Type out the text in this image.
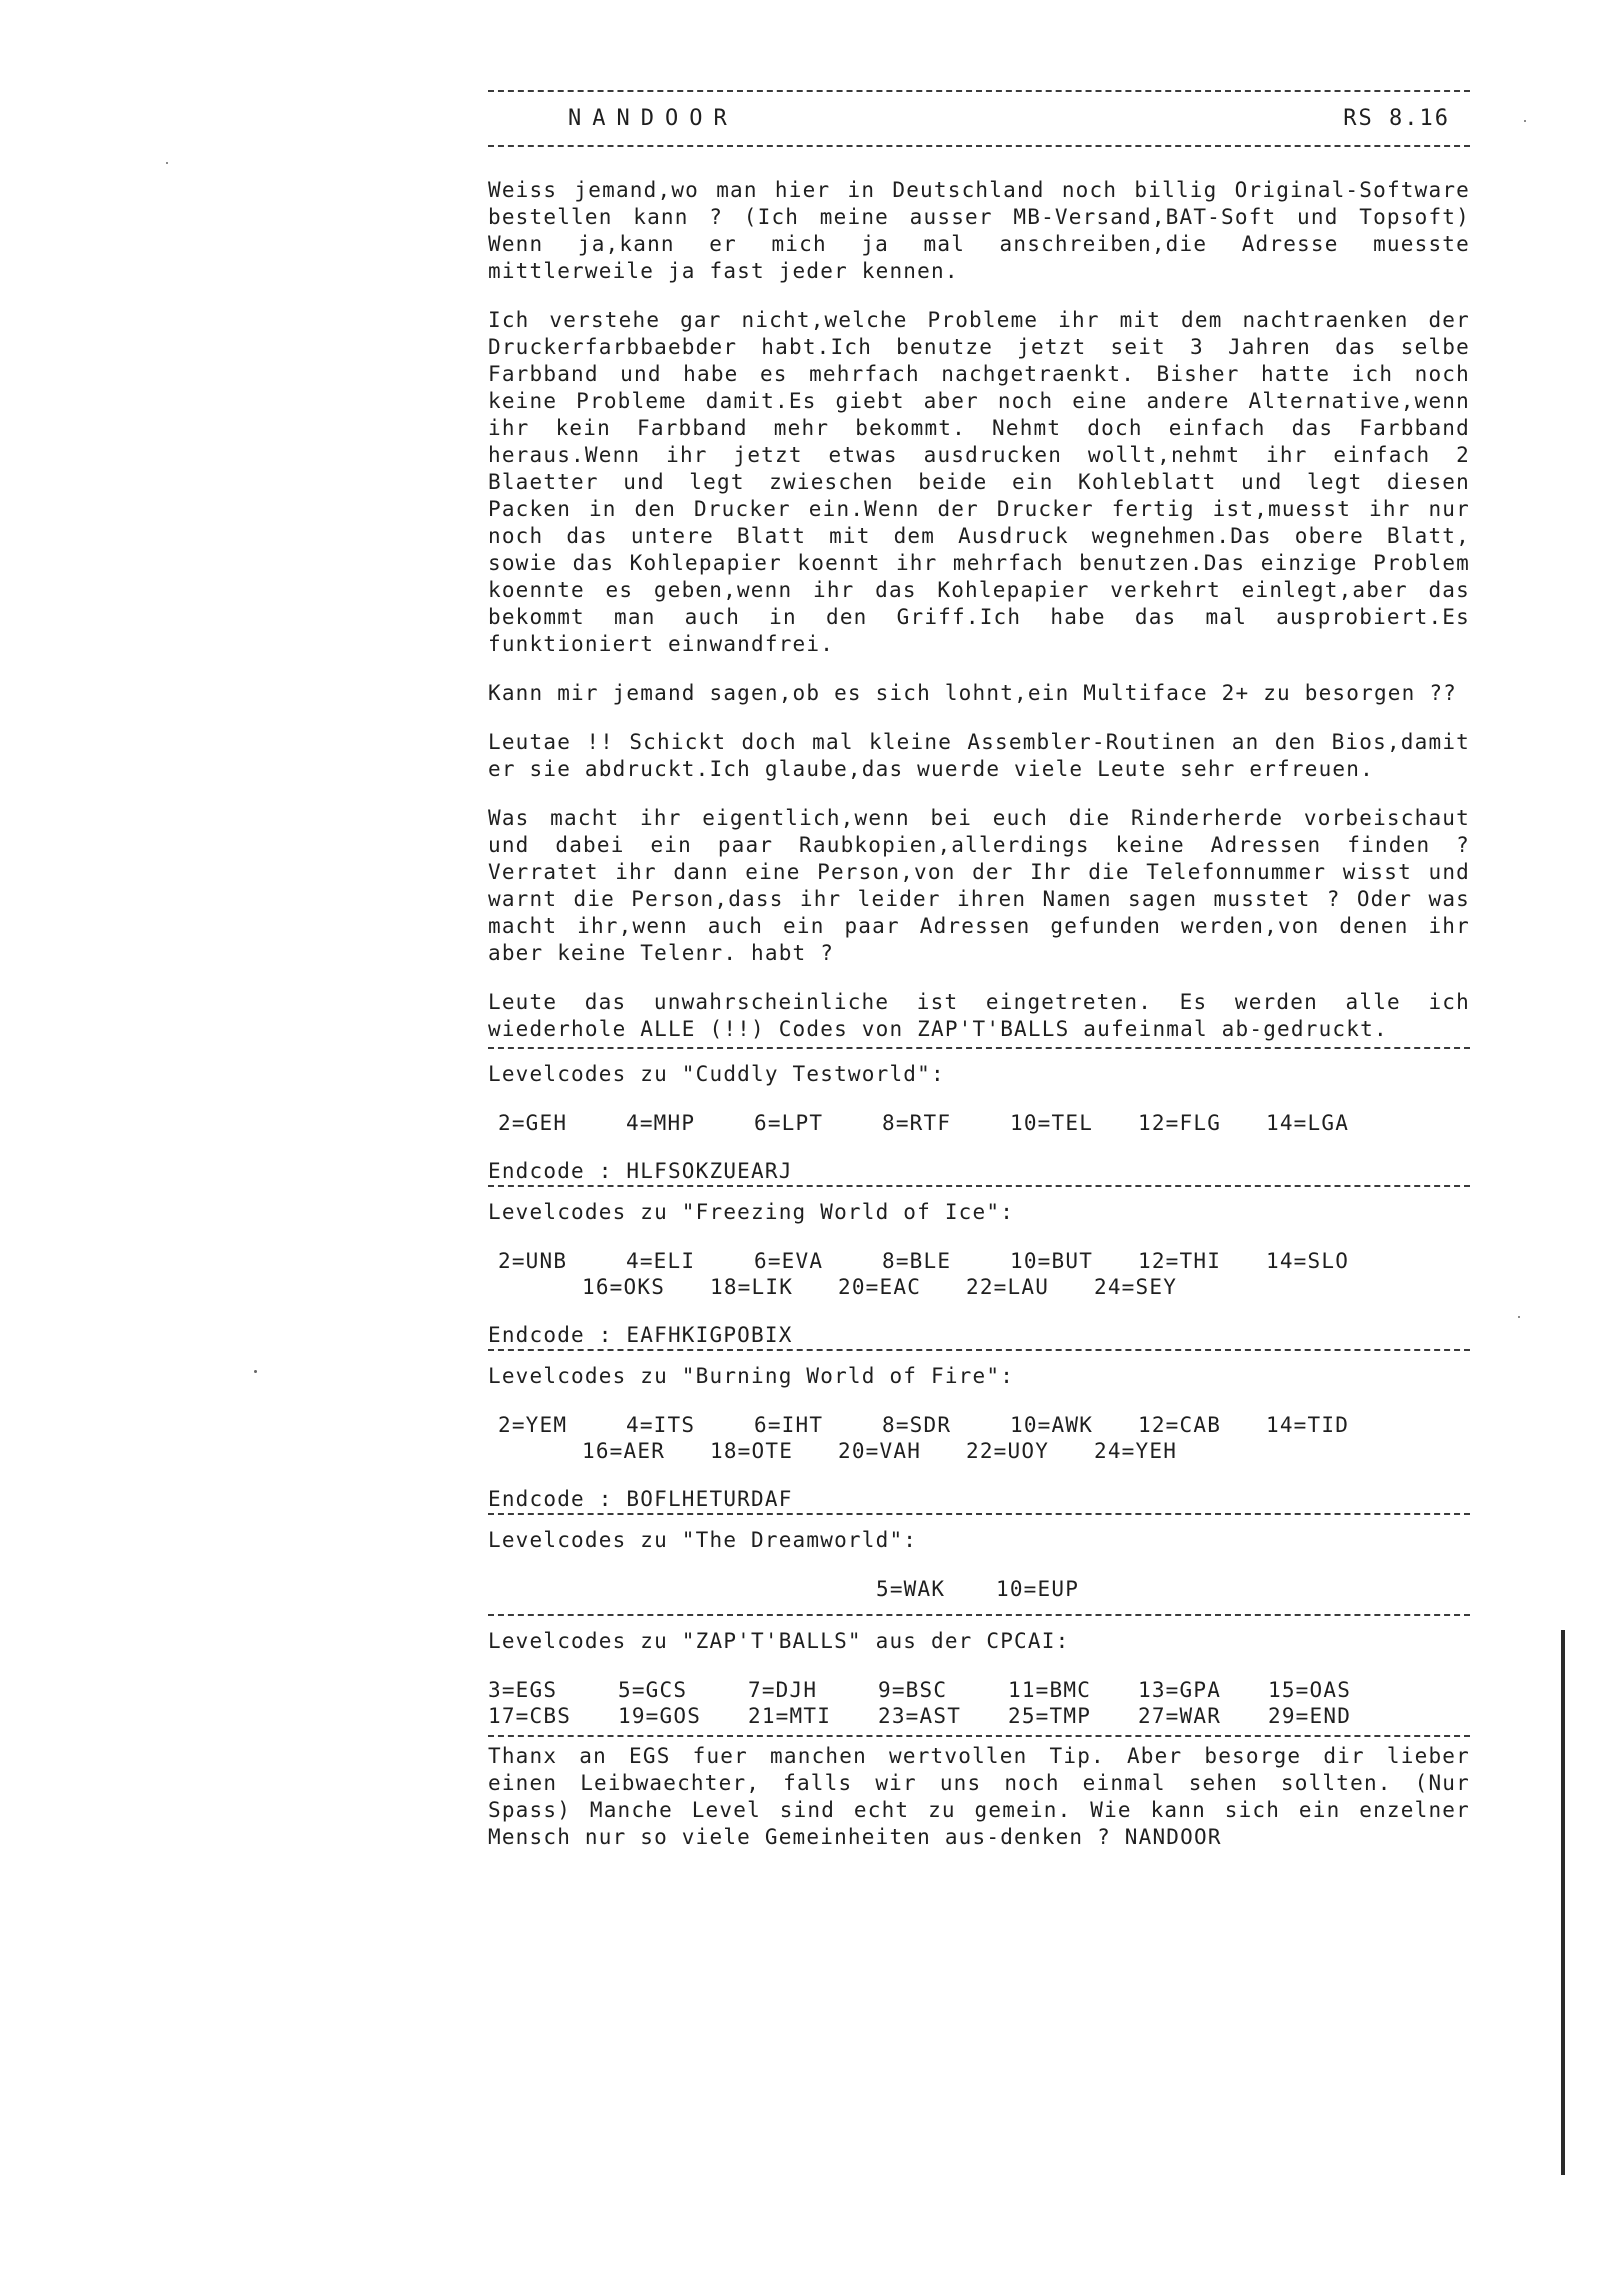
NANDOOR	RS 8.16

Weiss jemand,wo man hier in Deutschland noch billig Original-Software bestellen kann ? (Ich meine ausser MB-Versand,BAT-Soft und Topsoft) Wenn ja,kann er mich ja mal anschreiben,die Adresse muesste mittlerweile ja fast jeder kennen.

Ich verstehe gar nicht,welche Probleme ihr mit dem nachtraenken der Druckerfarbbaebder habt.Ich benutze jetzt seit 3 Jahren das selbe Farbband und habe es mehrfach nachgetraenkt. Bisher hatte ich noch keine Probleme damit.Es giebt aber noch eine andere Alternative,wenn ihr kein Farbband mehr bekommt. Nehmt doch einfach das Farbband heraus.Wenn ihr jetzt etwas ausdrucken wollt,nehmt ihr einfach 2 Blaetter und legt zwieschen beide ein Kohleblatt und legt diesen Packen in den Drucker ein.Wenn der Drucker fertig ist,muesst ihr nur noch das untere Blatt mit dem Ausdruck wegnehmen.Das obere Blatt, sowie das Kohlepapier koennt ihr mehrfach benutzen.Das einzige Problem koennte es geben,wenn ihr das Kohlepapier verkehrt einlegt,aber das bekommt man auch in den Griff.Ich habe das mal ausprobiert.Es funktioniert einwandfrei.

Kann mir jemand sagen,ob es sich lohnt,ein Multiface 2+ zu besorgen ??

Leutae !! Schickt doch mal kleine Assembler-Routinen an den Bios,damit er sie abdruckt.Ich glaube,das wuerde viele Leute sehr erfreuen.

Was macht ihr eigentlich,wenn bei euch die Rinderherde vorbeischaut und dabei ein paar Raubkopien,allerdings keine Adressen finden ? Verratet ihr dann eine Person,von der Ihr die Telefonnummer wisst und warnt die Person,dass ihr leider ihren Namen sagen musstet ? Oder was macht ihr,wenn auch ein paar Adressen gefunden werden,von denen ihr aber keine Telenr. habt ?

Leute das unwahrscheinliche ist eingetreten. Es werden alle ich wiederhole ALLE (!!) Codes von ZAP'T'BALLS aufeinmal ab-gedruckt.

Levelcodes zu "Cuddly Testworld":

2=GEH	4=MHP	6=LPT	8=RTF	10=TEL	12=FLG	14=LGA
Endcode : HLFSOKZUEARJ

Levelcodes zu "Freezing World of Ice":

2=UNB	4=ELI	6=EVA	8=BLE	10=BUT	12=THI	14=SLO
16=OKS	18=LIK	20=EAC	22=LAU	24=SEY
Endcode : EAFHKIGPOBIX

Levelcodes zu "Burning World of Fire":

2=YEM	4=ITS	6=IHT	8=SDR	10=AWK	12=CAB	14=TID
16=AER	18=OTE	20=VAH	22=UOY	24=YEH
Endcode : BOFLHETURDAF

Levelcodes zu "The Dreamworld":

5=WAK	10=EUP

Levelcodes zu "ZAP'T'BALLS" aus der CPCAI:

3=EGS	5=GCS	7=DJH	9=BSC	11=BMC	13=GPA	15=OAS
17=CBS	19=GOS	21=MTI	23=AST	25=TMP	27=WAR	29=END

Thanx an EGS fuer manchen wertvollen Tip. Aber besorge dir lieber einen Leibwaechter, falls wir uns noch einmal sehen sollten. (Nur Spass) Manche Level sind echt zu gemein. Wie kann sich ein enzelner Mensch nur so viele Gemeinheiten aus-denken ? NANDOOR
